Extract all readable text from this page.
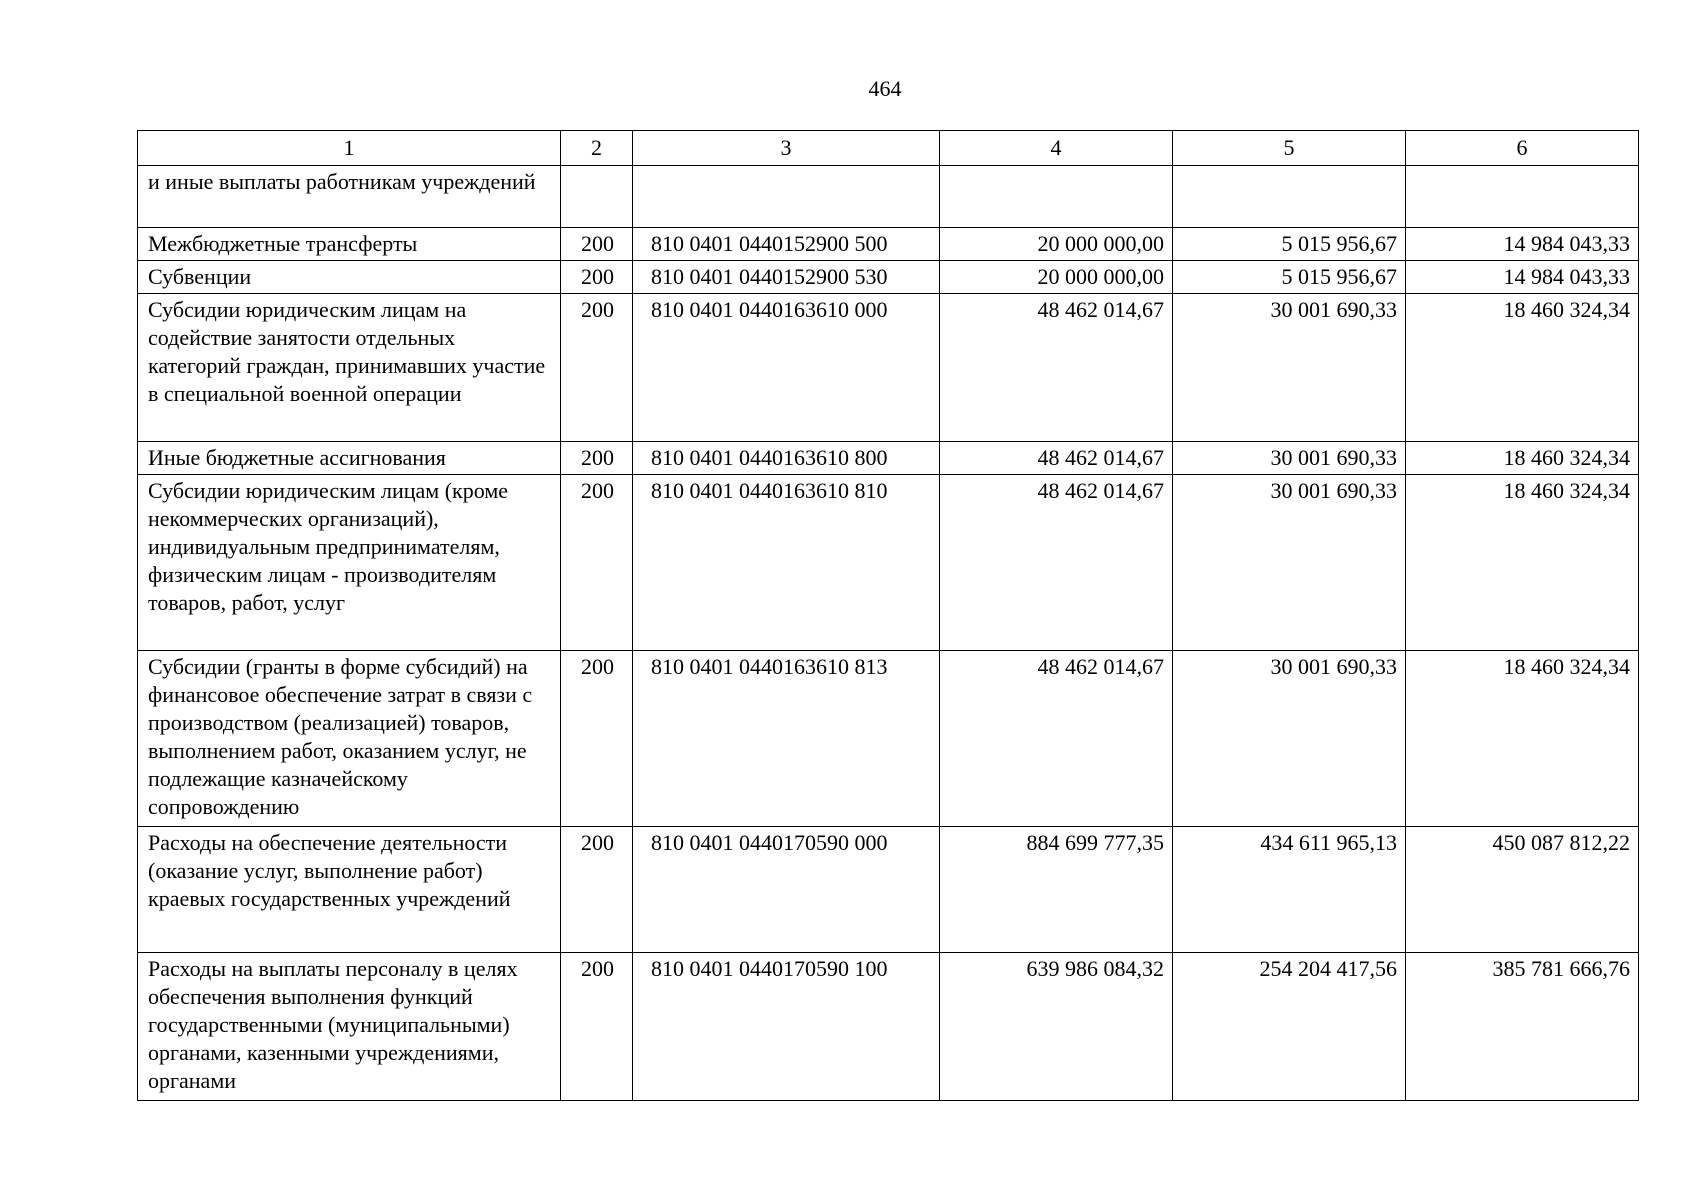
464
1	2	3	4	5	6
и иные выплаты работникам учреждений					
Межбюджетные трансферты	200	810 0401 0440152900 500	20 000 000,00	5 015 956,67	14 984 043,33
Субвенции	200	810 0401 0440152900 530	20 000 000,00	5 015 956,67	14 984 043,33
Субсидии юридическим лицам на содействие занятости отдельных категорий граждан, принимавших участие в специальной военной операции	200	810 0401 0440163610 000	48 462 014,67	30 001 690,33	18 460 324,34
Иные бюджетные ассигнования	200	810 0401 0440163610 800	48 462 014,67	30 001 690,33	18 460 324,34
Субсидии юридическим лицам (кроме некоммерческих организаций), индивидуальным предпринимателям, физическим лицам - производителям товаров, работ, услуг	200	810 0401 0440163610 810	48 462 014,67	30 001 690,33	18 460 324,34
Субсидии (гранты в форме субсидий) на финансовое обеспечение затрат в связи с производством (реализацией) товаров, выполнением работ, оказанием услуг, не подлежащие казначейскому сопровождению	200	810 0401 0440163610 813	48 462 014,67	30 001 690,33	18 460 324,34
Расходы на обеспечение деятельности (оказание услуг, выполнение работ) краевых государственных учреждений	200	810 0401 0440170590 000	884 699 777,35	434 611 965,13	450 087 812,22
Расходы на выплаты персоналу в целях обеспечения выполнения функций государственными (муниципальными) органами, казенными учреждениями, органами	200	810 0401 0440170590 100	639 986 084,32	254 204 417,56	385 781 666,76
